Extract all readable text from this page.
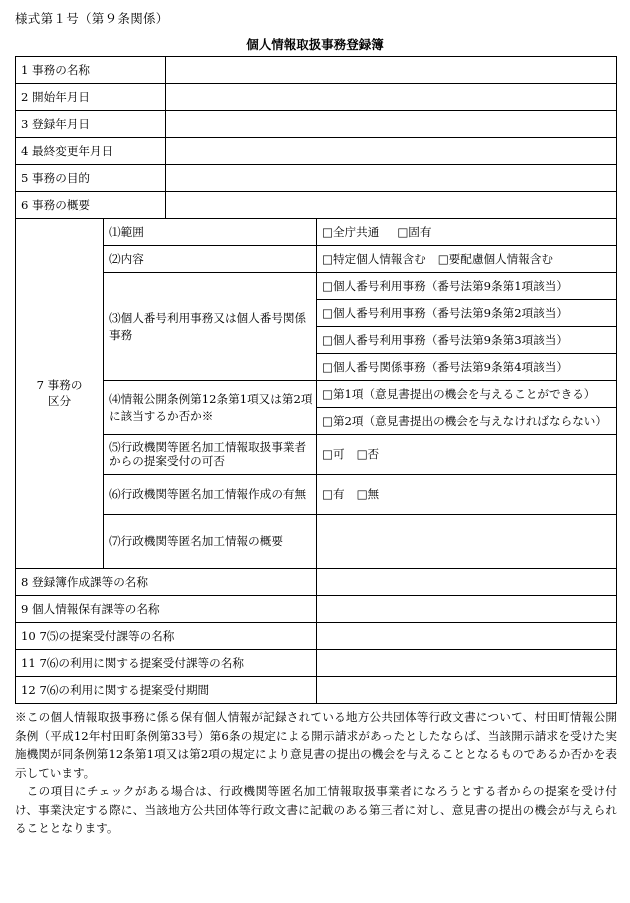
様式第１号（第９条関係）
個人情報取扱事務登録簿
1 事務の名称			
2 開始年月日			
3 登録年月日			
4 最終変更年月日			
5 事務の目的			
6 事務の概要			

7 事務の
区分	⑴範囲		□全庁共通 □固有
	⑵内容		□特定個人情報含む □要配慮個人情報含む
	⑶個人番号利用事務又は個人番号関係事務		□個人番号利用事務（番号法第9条第1項該当）
			□個人番号利用事務（番号法第9条第2項該当）
			□個人番号利用事務（番号法第9条第3項該当）
			□個人番号関係事務（番号法第9条第4項該当）
	⑷情報公開条例第12条第1項又は第2項に該当するか否か※		□第1項（意見書提出の機会を与えることができる）
			□第2項（意見書提出の機会を与えなければならない）
	⑸行政機関等匿名加工情報取扱事業者からの提案受付の可否		□可 □否
	⑹行政機関等匿名加工情報作成の有無		□有 □無
	⑺行政機関等匿名加工情報の概要		
8 登録簿作成課等の名称			
9 個人情報保有課等の名称			
10 7⑸の提案受付課等の名称			
11 7⑹の利用に関する提案受付課等の名称			
12 7⑹の利用に関する提案受付期間			

※この個人情報取扱事務に係る保有個人情報が記録されている地方公共団体等行政文書について、村田町情報公開条例（平成12年村田町条例第33号）第6条の規定による開示請求があったとしたならば、当該開示請求を受けた実施機関が同条例第12条第1項又は第2項の規定により意見書の提出の機会を与えることとなるものであるか否かを表示しています。

この項目にチェックがある場合は、行政機関等匿名加工情報取扱事業者になろうとする者からの提案を受け付け、事業決定する際に、当該地方公共団体等行政文書に記載のある第三者に対し、意見書の提出の機会が与えられることとなります。
